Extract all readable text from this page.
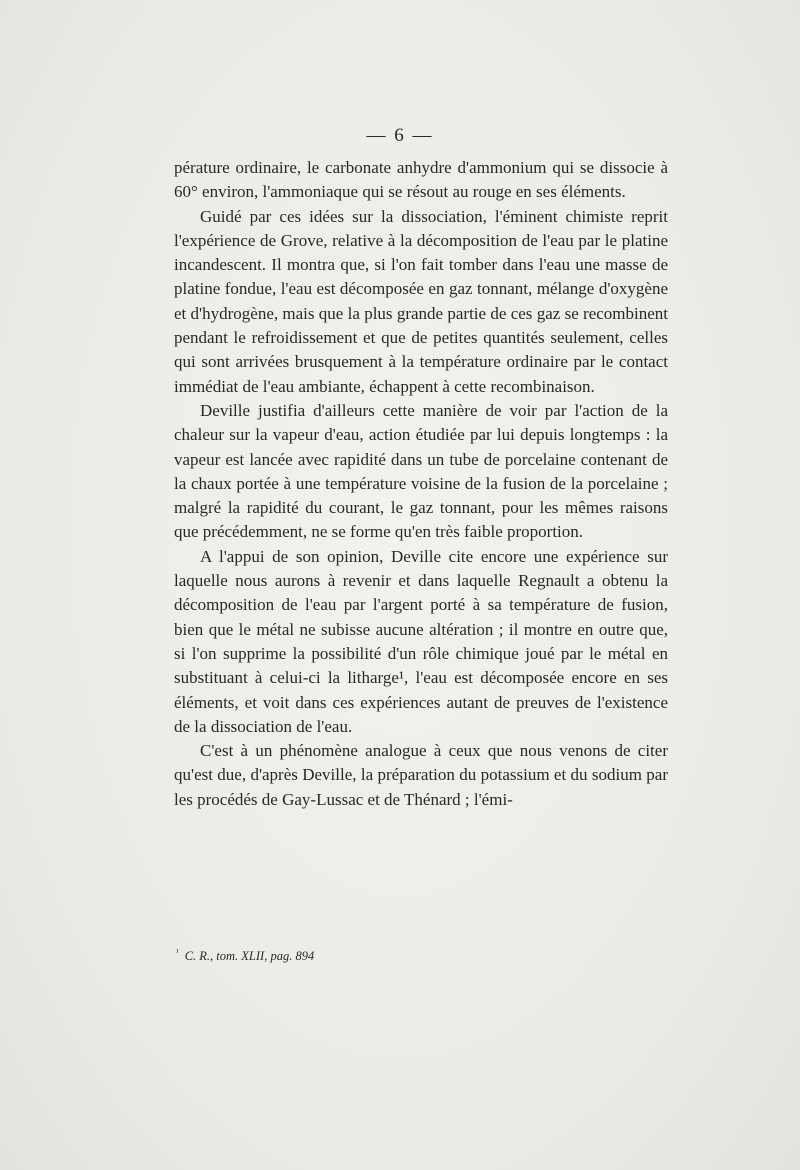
— 6 —

pérature ordinaire, le carbonate anhydre d'ammonium qui se dissocie à 60° environ, l'ammoniaque qui se résout au rouge en ses éléments.

Guidé par ces idées sur la dissociation, l'éminent chimiste reprit l'expérience de Grove, relative à la décomposition de l'eau par le platine incandescent. Il montra que, si l'on fait tomber dans l'eau une masse de platine fondue, l'eau est décomposée en gaz tonnant, mélange d'oxygène et d'hydrogène, mais que la plus grande partie de ces gaz se recombinent pendant le refroidissement et que de petites quantités seulement, celles qui sont arrivées brusquement à la température ordinaire par le contact immédiat de l'eau ambiante, échappent à cette recombinaison.

Deville justifia d'ailleurs cette manière de voir par l'action de la chaleur sur la vapeur d'eau, action étudiée par lui depuis longtemps : la vapeur est lancée avec rapidité dans un tube de porcelaine contenant de la chaux portée à une température voisine de la fusion de la porcelaine ; malgré la rapidité du courant, le gaz tonnant, pour les mêmes raisons que précédemment, ne se forme qu'en très faible proportion.

A l'appui de son opinion, Deville cite encore une expérience sur laquelle nous aurons à revenir et dans laquelle Regnault a obtenu la décomposition de l'eau par l'argent porté à sa température de fusion, bien que le métal ne subisse aucune altération ; il montre en outre que, si l'on supprime la possibilité d'un rôle chimique joué par le métal en substituant à celui-ci la litharge¹, l'eau est décomposée encore en ses éléments, et voit dans ces expériences autant de preuves de l'existence de la dissociation de l'eau.

C'est à un phénomène analogue à ceux que nous venons de citer qu'est due, d'après Deville, la préparation du potassium et du sodium par les procédés de Gay-Lussac et de Thénard ; l'émi-

$^{^1}$ C. R., tom. XLII, pag. 894
